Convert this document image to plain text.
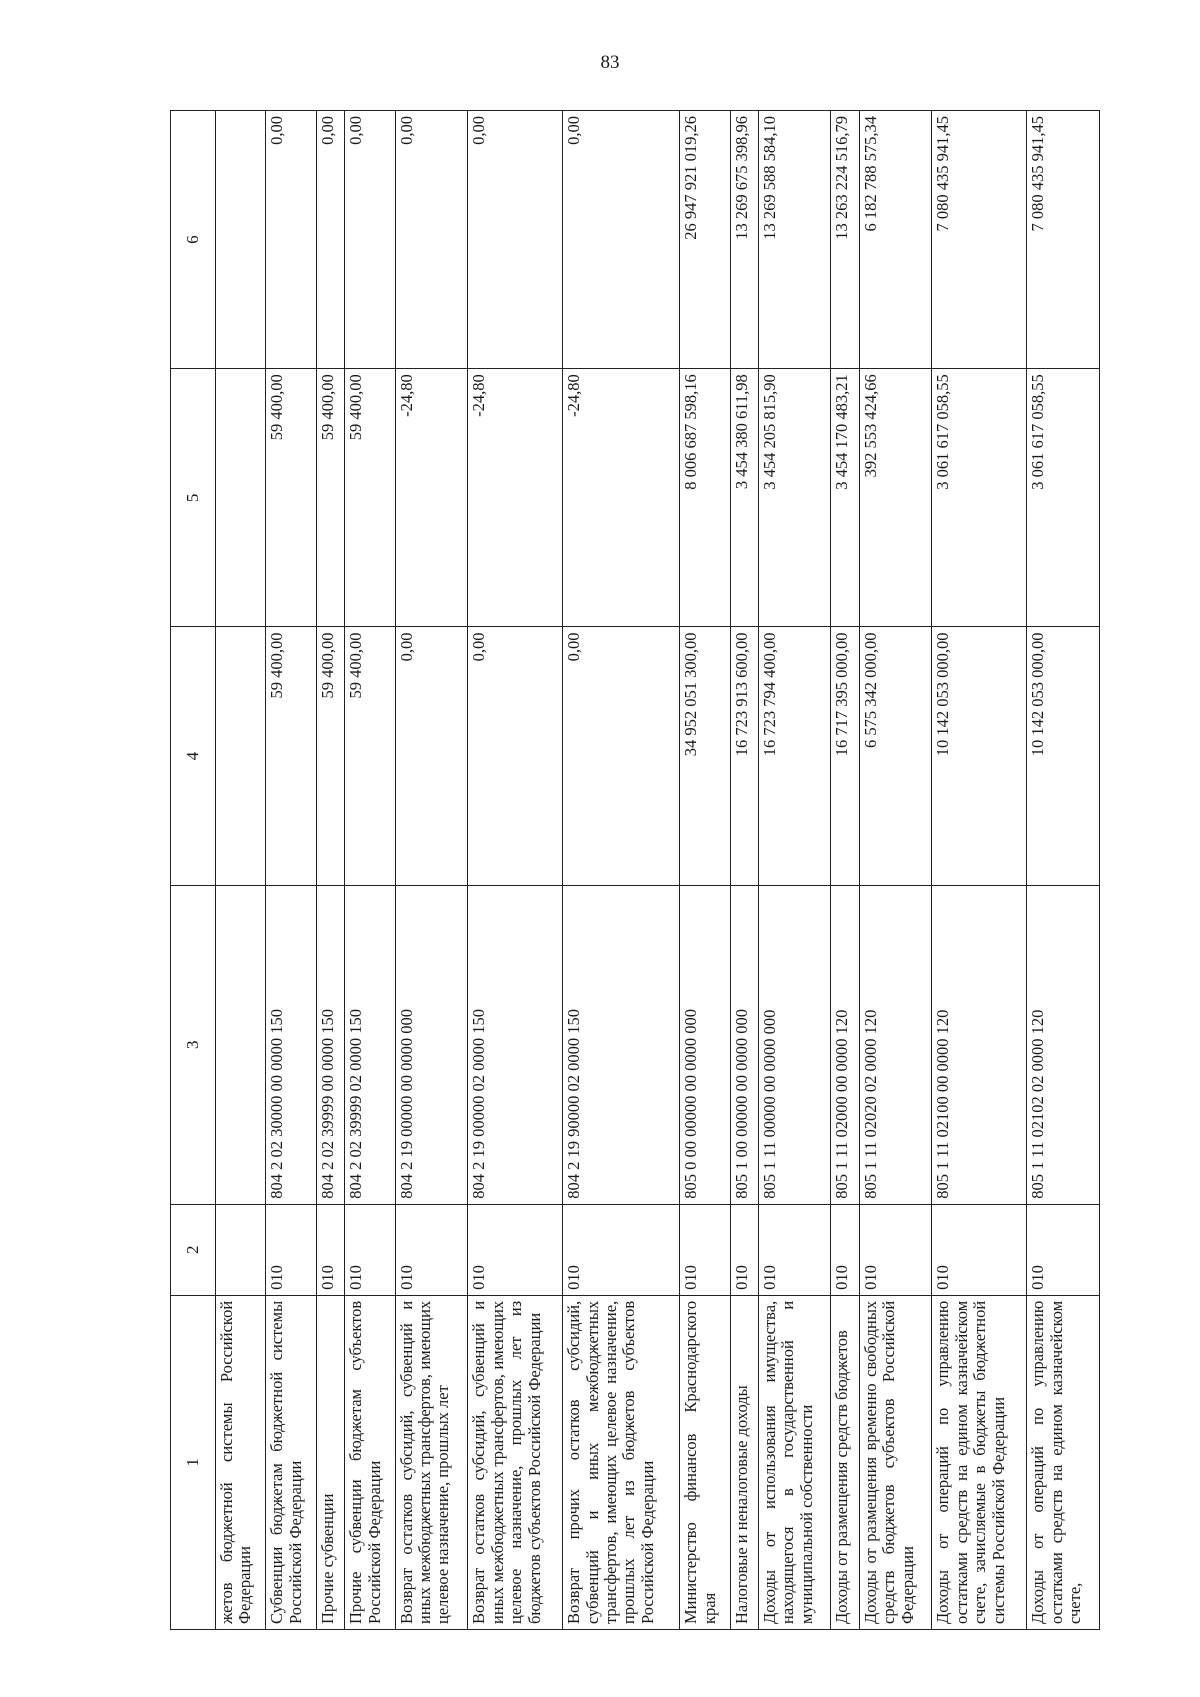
83
1	2	3	4	5	6
жетов бюджетной системы Российской Федерации					
Субвенции бюджетам бюджетной системы Российской Федерации	010	804 2 02 30000 00 0000 150	59 400,00	59 400,00	0,00
Прочие субвенции	010	804 2 02 39999 00 0000 150	59 400,00	59 400,00	0,00
Прочие субвенции бюджетам субъектов Российской Федерации	010	804 2 02 39999 02 0000 150	59 400,00	59 400,00	0,00
Возврат остатков субсидий, субвенций и иных межбюджетных трансфертов, имеющих целевое назначение, прошлых лет	010	804 2 19 00000 00 0000 000	0,00	-24,80	0,00
Возврат остатков субсидий, субвенций и иных межбюджетных трансфертов, имеющих целевое назначение, прошлых лет из бюджетов субъектов Российской Федерации	010	804 2 19 00000 02 0000 150	0,00	-24,80	0,00
Возврат прочих остатков субсидий, субвенций и иных межбюджетных трансфертов, имеющих целевое назначение, прошлых лет из бюджетов субъектов Российской Федерации	010	804 2 19 90000 02 0000 150	0,00	-24,80	0,00
Министерство финансов Краснодарского края	010	805 0 00 00000 00 0000 000	34 952 051 300,00	8 006 687 598,16	26 947 921 019,26
Налоговые и неналоговые доходы	010	805 1 00 00000 00 0000 000	16 723 913 600,00	3 454 380 611,98	13 269 675 398,96
Доходы от использования имущества, находящегося в государственной и муниципальной собственности	010	805 1 11 00000 00 0000 000	16 723 794 400,00	3 454 205 815,90	13 269 588 584,10
Доходы от размещения средств бюджетов	010	805 1 11 02000 00 0000 120	16 717 395 000,00	3 454 170 483,21	13 263 224 516,79
Доходы от размещения временно свободных средств бюджетов субъектов Российской Федерации	010	805 1 11 02020 02 0000 120	6 575 342 000,00	392 553 424,66	6 182 788 575,34
Доходы от операций по управлению остатками средств на едином казначейском счете, зачисляемые в бюджеты бюджетной системы Российской Федерации	010	805 1 11 02100 00 0000 120	10 142 053 000,00	3 061 617 058,55	7 080 435 941,45
Доходы от операций по управлению остатками средств на едином казначейском счете,	010	805 1 11 02102 02 0000 120	10 142 053 000,00	3 061 617 058,55	7 080 435 941,45
